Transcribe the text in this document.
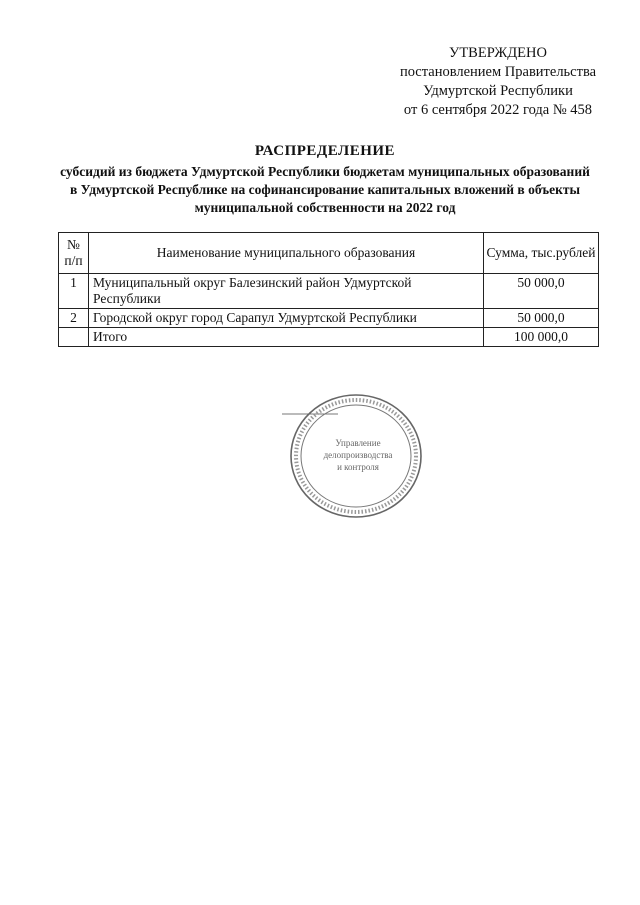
УТВЕРЖДЕНО
постановлением Правительства
Удмуртской Республики
от 6 сентября 2022 года № 458
РАСПРЕДЕЛЕНИЕ
субсидий из бюджета Удмуртской Республики бюджетам муниципальных образований
в Удмуртской Республике на софинансирование капитальных вложений в объекты
муниципальной собственности на 2022 год
№ п/п	Наименование муниципального образования	Сумма, тыс.рублей
1	Муниципальный округ Балезинский район Удмуртской Республики	50 000,0
2	Городской округ город Сарапул Удмуртской Республики	50 000,0
	Итого	100 000,0
Управление
делопроизводства
и контроля
